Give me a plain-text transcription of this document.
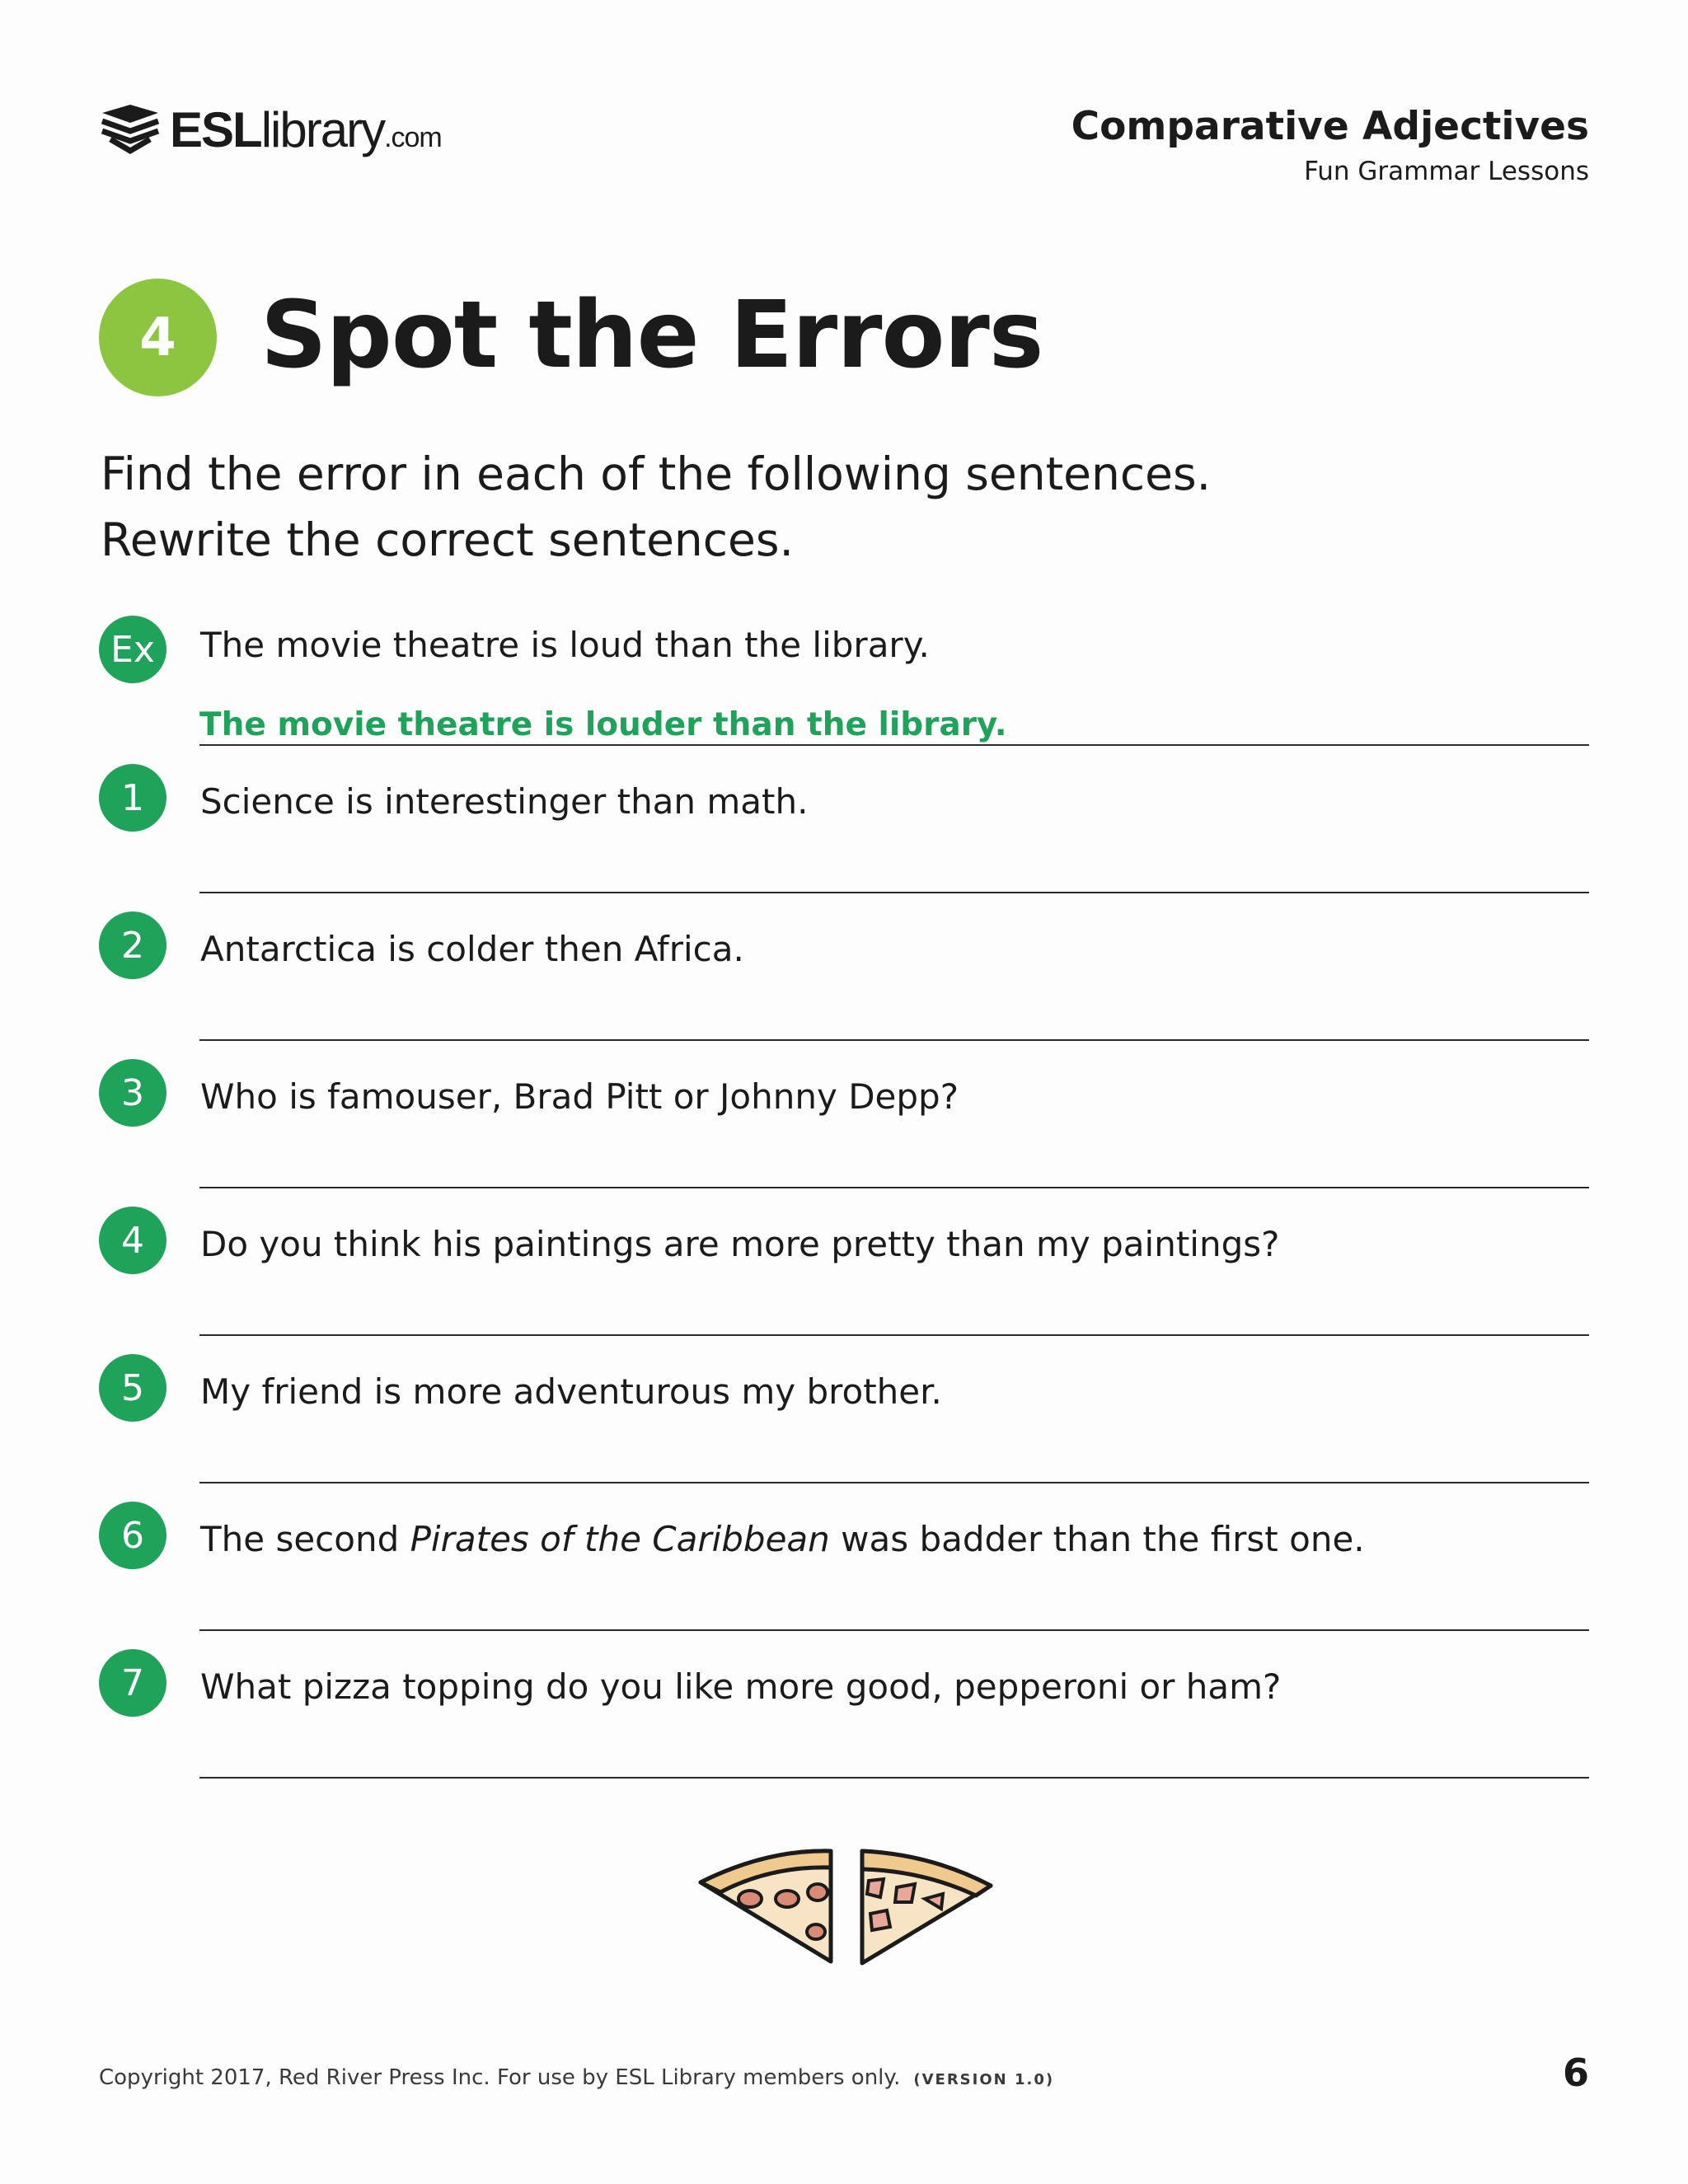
ESLlibrary.com	Comparative Adjectives
Fun Grammar Lessons
4 Spot the Errors
Find the error in each of the following sentences.
Rewrite the correct sentences.
Ex	The movie theatre is loud than the library.
The movie theatre is louder than the library.
1	Science is interestinger than math.
2	Antarctica is colder then Africa.
3	Who is famouser, Brad Pitt or Johnny Depp?
4	Do you think his paintings are more pretty than my paintings?
5	My friend is more adventurous my brother.
6	The second Pirates of the Caribbean was badder than the first one.
7	What pizza topping do you like more good, pepperoni or ham?
Copyright 2017, Red River Press Inc. For use by ESL Library members only. (VERSION 1.0)	6
